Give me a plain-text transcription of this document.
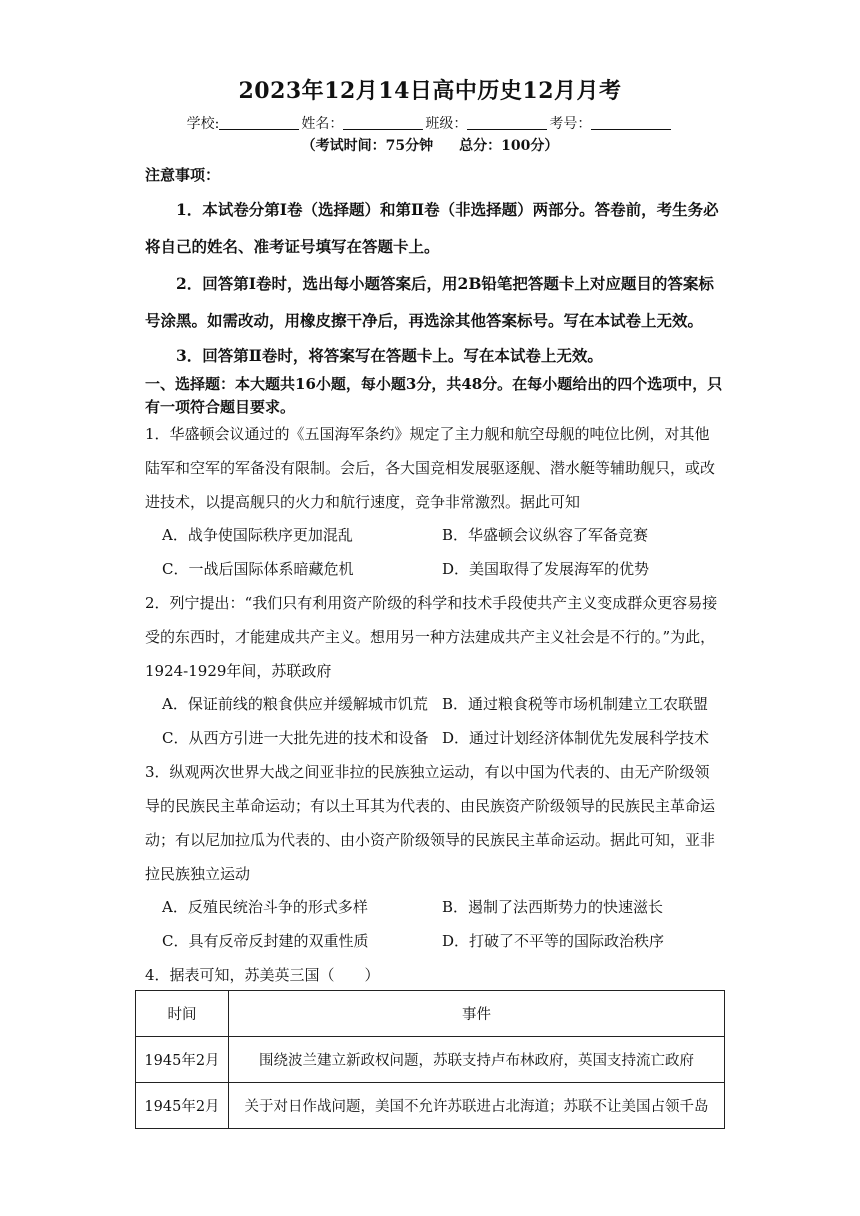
2023年12月14日高中历史12月月考
学校:	姓名：	班级：	考号：
（考试时间：75分钟 总分：100分）
注意事项：
1．本试卷分第Ⅰ卷（选择题）和第Ⅱ卷（非选择题）两部分。答卷前，考生务必将自己的姓名、准考证号填写在答题卡上。
2．回答第Ⅰ卷时，选出每小题答案后，用2B铅笔把答题卡上对应题目的答案标号涂黑。如需改动，用橡皮擦干净后，再选涂其他答案标号。写在本试卷上无效。
3．回答第Ⅱ卷时，将答案写在答题卡上。写在本试卷上无效。
一、选择题：本大题共16小题，每小题3分，共48分。在每小题给出的四个选项中，只有一项符合题目要求。
1．华盛顿会议通过的《五国海军条约》规定了主力舰和航空母舰的吨位比例，对其他陆军和空军的军备没有限制。会后，各大国竞相发展驱逐舰、潜水艇等辅助舰只，或改进技术，以提高舰只的火力和航行速度，竞争非常激烈。据此可知
A．战争使国际秩序更加混乱	B．华盛顿会议纵容了军备竞赛
C．一战后国际体系暗藏危机	D．美国取得了发展海军的优势
2．列宁提出：“我们只有利用资产阶级的科学和技术手段使共产主义变成群众更容易接受的东西时，才能建成共产主义。想用另一种方法建成共产主义社会是不行的。”为此，1924-1929年间，苏联政府
A．保证前线的粮食供应并缓解城市饥荒 B．通过粮食税等市场机制建立工农联盟
C．从西方引进一大批先进的技术和设备 D．通过计划经济体制优先发展科学技术
3．纵观两次世界大战之间亚非拉的民族独立运动，有以中国为代表的、由无产阶级领导的民族民主革命运动；有以土耳其为代表的、由民族资产阶级领导的民族民主革命运动；有以尼加拉瓜为代表的、由小资产阶级领导的民族民主革命运动。据此可知，亚非拉民族独立运动
A．反殖民统治斗争的形式多样	B．遏制了法西斯势力的快速滋长
C．具有反帝反封建的双重性质	D．打破了不平等的国际政治秩序
4．据表可知，苏美英三国（　　）
时间	事件
1945年2月	围绕波兰建立新政权问题，苏联支持卢布林政府，英国支持流亡政府
1945年2月	关于对日作战问题，美国不允许苏联进占北海道；苏联不让美国占领千岛
